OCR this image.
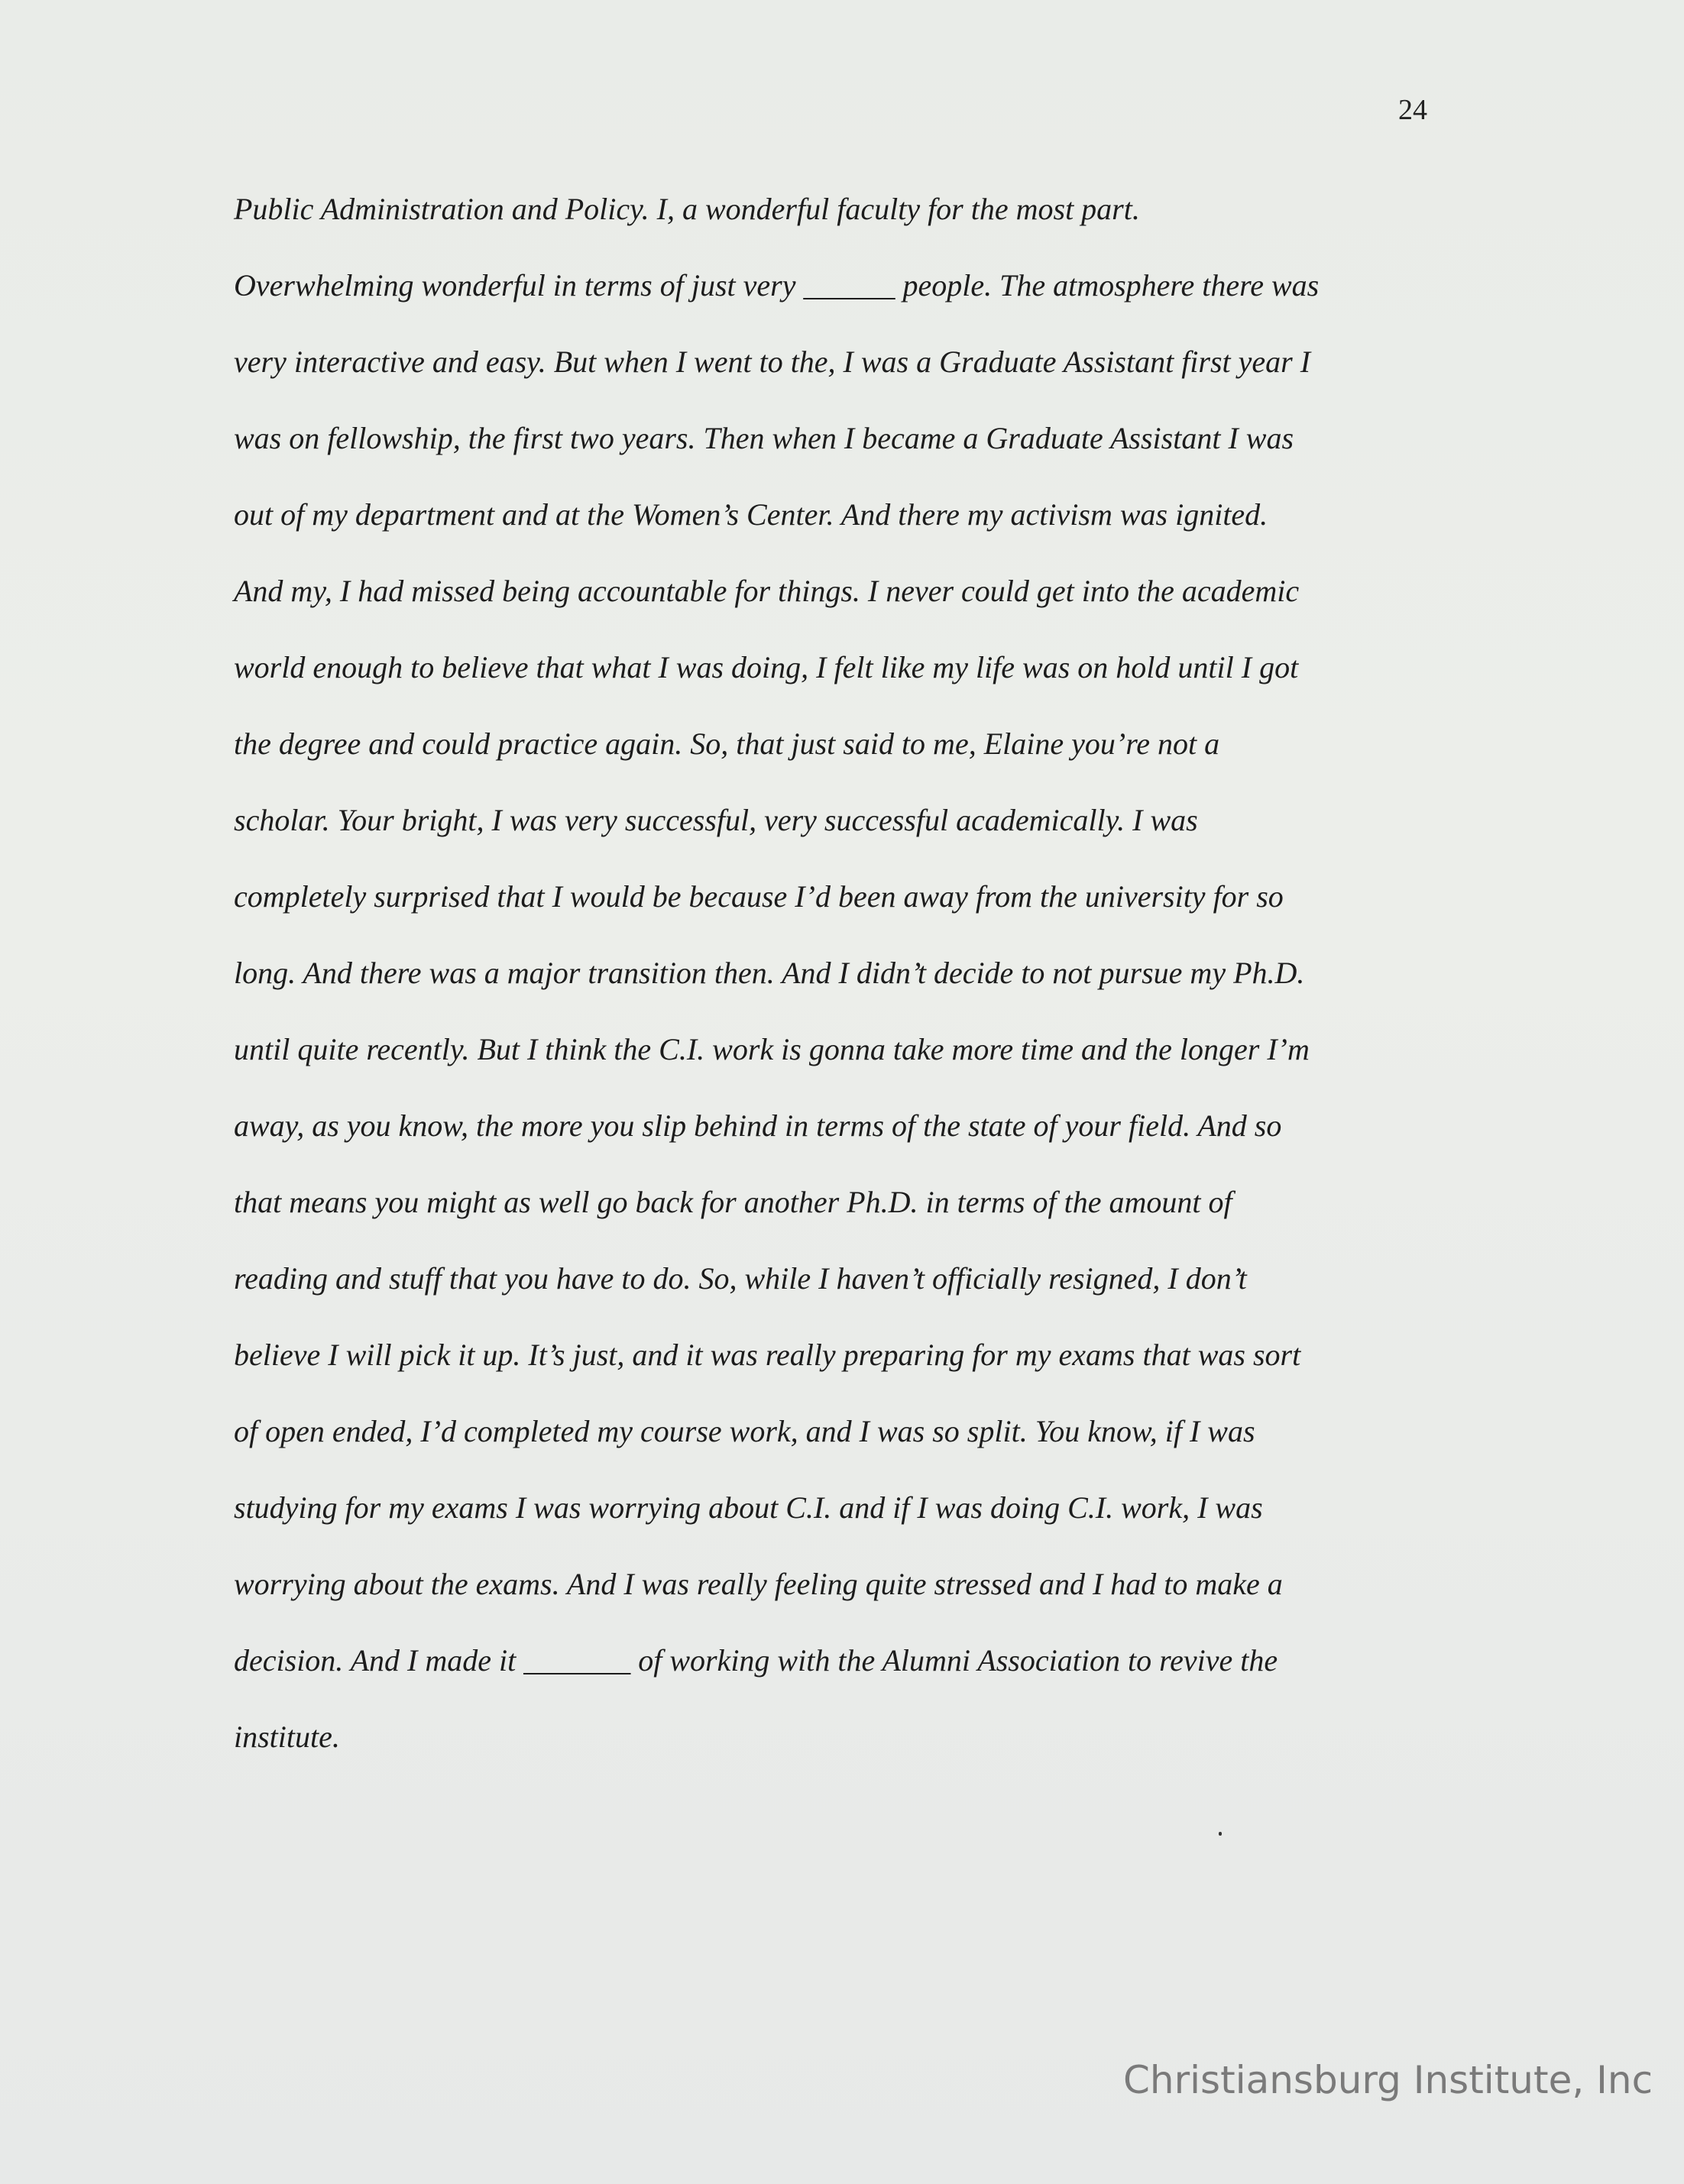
24
Public Administration and Policy. I, a wonderful faculty for the most part.
Overwhelming wonderful in terms of just very ______ people. The atmosphere there was
very interactive and easy. But when I went to the, I was a Graduate Assistant first year I
was on fellowship, the first two years. Then when I became a Graduate Assistant I was
out of my department and at the Women’s Center. And there my activism was ignited.
And my, I had missed being accountable for things. I never could get into the academic
world enough to believe that what I was doing, I felt like my life was on hold until I got
the degree and could practice again. So, that just said to me, Elaine you’re not a
scholar. Your bright, I was very successful, very successful academically. I was
completely surprised that I would be because I’d been away from the university for so
long. And there was a major transition then. And I didn’t decide to not pursue my Ph.D.
until quite recently. But I think the C.I. work is gonna take more time and the longer I’m
away, as you know, the more you slip behind in terms of the state of your field. And so
that means you might as well go back for another Ph.D. in terms of the amount of
reading and stuff that you have to do. So, while I haven’t officially resigned, I don’t
believe I will pick it up. It’s just, and it was really preparing for my exams that was sort
of open ended, I’d completed my course work, and I was so split. You know, if I was
studying for my exams I was worrying about C.I. and if I was doing C.I. work, I was
worrying about the exams. And I was really feeling quite stressed and I had to make a
decision. And I made it _______ of working with the Alumni Association to revive the
institute.
Christiansburg Institute, Inc
